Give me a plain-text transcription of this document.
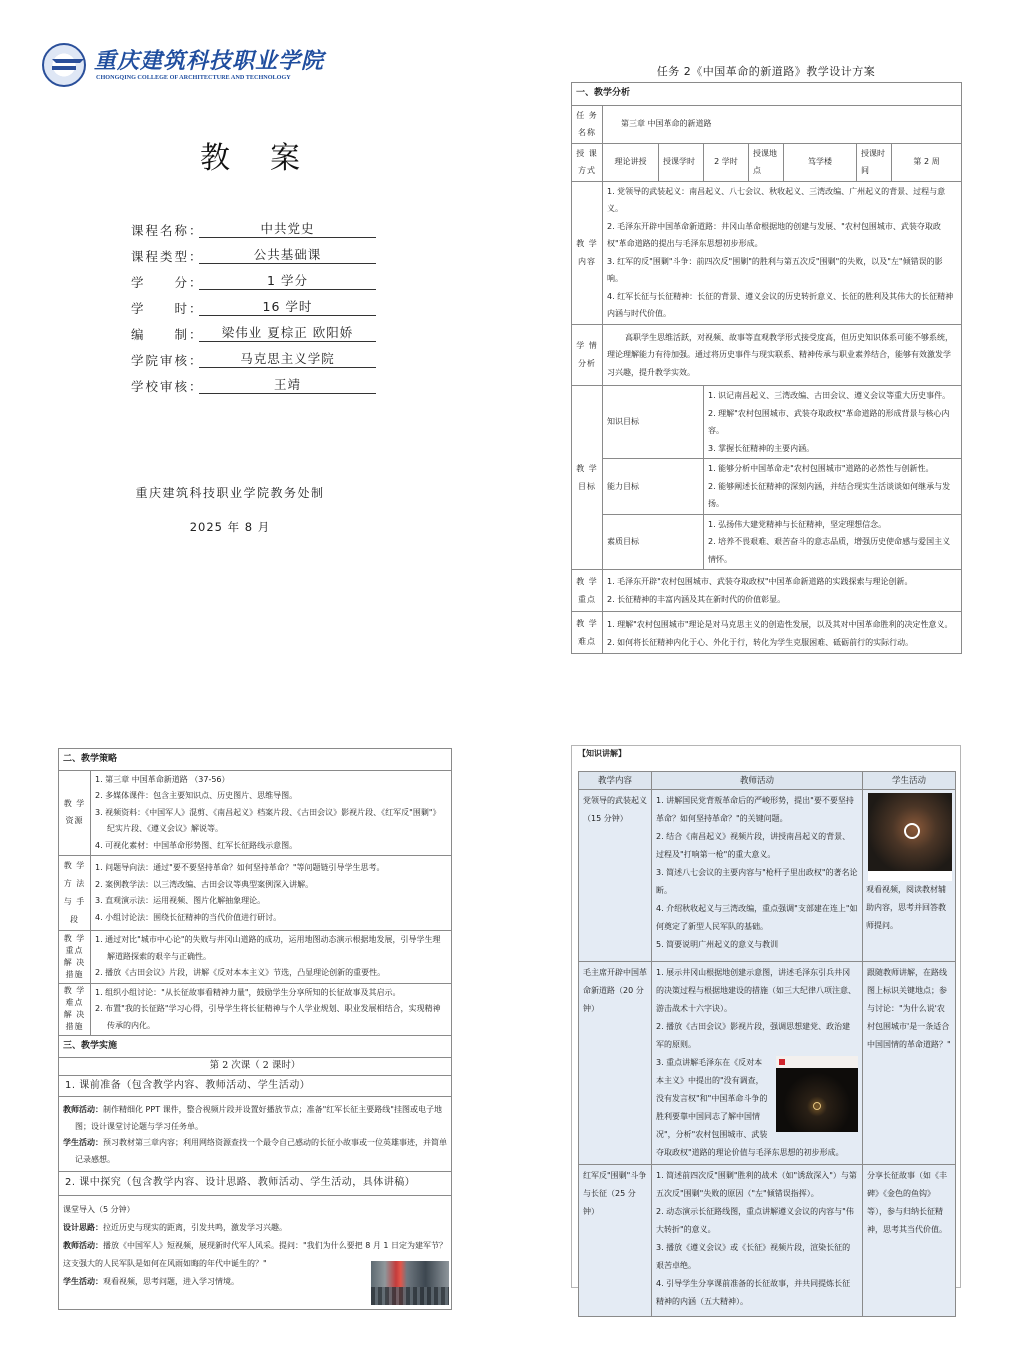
重庆建筑科技职业学院
CHONGQING COLLEGE OF ARCHITECTURE AND TECHNOLOGY
教案
课程名称：	中共党史
课程类型：	公共基础课
学　　分：	1 学分
学　　时：	16 学时
编　　制：	梁伟业 夏棕正 欧阳娇
学院审核：	马克思主义学院
学校审核：	王靖
重庆建筑科技职业学院教务处制
2025 年 8 月
任务 2《中国革命的新道路》教学设计方案
一、教学分析							
任 务 名称	第三章 中国革命的新道路						
授 课 方式	理论讲授	授课学时	2 学时	授课地点	笃学楼	授课时间	第 2 周
教 学 内容	1. 党领导的武装起义：南昌起义、八七会议、秋收起义、三湾改编、广州起义的背景、过程与意义。
2. 毛泽东开辟中国革命新道路：井冈山革命根据地的创建与发展、"农村包围城市、武装夺取政权"革命道路的提出与毛泽东思想初步形成。
3. 红军的反"围剿"斗争：前四次反"围剿"的胜利与第五次反"围剿"的失败，以及"左"倾错误的影响。
4. 红军长征与长征精神：长征的背景、遵义会议的历史转折意义、长征的胜利及其伟大的长征精神内涵与时代价值。						

学 情 分析	高职学生思维活跃，对视频、故事等直观教学形式接受度高，但历史知识体系可能不够系统，理论理解能力有待加强。通过将历史事件与现实联系、精神传承与职业素养结合，能够有效激发学习兴趣，提升教学实效。						
教 学 目标	知识目标		1. 识记南昌起义、三湾改编、古田会议、遵义会议等重大历史事件。
2. 理解"农村包围城市、武装夺取政权"革命道路的形成背景与核心内容。
3. 掌握长征精神的主要内涵。				

	能力目标		1. 能够分析中国革命走"农村包围城市"道路的必然性与创新性。
2. 能够阐述长征精神的深刻内涵，并结合现实生活谈谈如何继承与发扬。				

	素质目标		1. 弘扬伟大建党精神与长征精神，坚定理想信念。
2. 培养不畏艰难、艰苦奋斗的意志品质，增强历史使命感与爱国主义情怀。				

教 学 重点	1. 毛泽东开辟"农村包围城市、武装夺取政权"中国革命新道路的实践探索与理论创新。
2. 长征精神的丰富内涵及其在新时代的价值彰显。						

教 学 难点	1. 理解"农村包围城市"理论是对马克思主义的创造性发展，以及其对中国革命胜利的决定性意义。
2. 如何将长征精神内化于心、外化于行，转化为学生克服困难、砥砺前行的实际行动。						
二、教学策略	
教 学 资源	1. 第三章 中国革命新道路 （37-56）
2. 多媒体课件：包含主要知识点、历史图片、思维导图。
3. 视频资料：《中国军人》混剪、《南昌起义》档案片段、《古田会议》影视片段、《红军反"围剿"》纪实片段、《遵义会议》解说等。
4. 可视化素材：中国革命形势图、红军长征路线示意图。

教 学 方 法 与 手 段	1. 问题导向法：通过"要不要坚持革命？如何坚持革命？"等问题链引导学生思考。
2. 案例教学法：以三湾改编、古田会议等典型案例深入讲解。
3. 直观演示法：运用视频、图片化解抽象理论。
4. 小组讨论法：围绕长征精神的当代价值进行研讨。

教 学 重点 解 决 措施	1. 通过对比"城市中心论"的失败与井冈山道路的成功，运用地图动态演示根据地发展，引导学生理解道路探索的艰辛与正确性。
2. 播放《古田会议》片段，讲解《反对本本主义》节选，凸显理论创新的重要性。

教 学 难点 解 决 措施	1. 组织小组讨论："从长征故事看精神力量"，鼓励学生分享所知的长征故事及其启示。
2. 布置"我的长征路"学习心得，引导学生将长征精神与个人学业规划、职业发展相结合，实现精神传承的内化。

三、教学实施	
第 2 次课（ 2 课时）	
1. 课前准备（包含教学内容、教师活动、学生活动）	

教师活动：制作精细化 PPT 课件，整合视频片段并设置好播放节点；准备"红军长征主要路线"挂图或电子地图；设计课堂讨论题与学习任务单。
学生活动：预习教材第三章内容；利用网络资源查找一个最令自己感动的长征小故事或一位英雄事迹，并简单记录感想。	

2. 课中探究（包含教学内容、设计思路、教师活动、学生活动，具体讲稿）	

课堂导入（5 分钟）
设计思路：拉近历史与现实的距离，引发共鸣，激发学习兴趣。
教师活动：播放《中国军人》短视频，展现新时代军人风采。提问："我们为什么要把 8 月 1 日定为建军节？这支强大的人民军队是如何在风雨如晦的年代中诞生的？"
学生活动：观看视频，思考问题，进入学习情境。	
【知识讲解】
教学内容	教师活动	学生活动
党领导的武装起义（15 分钟）	1. 讲解国民党背叛革命后的严峻形势，提出"要不要坚持革命？如何坚持革命？"的关键问题。
2. 结合《南昌起义》视频片段，讲授南昌起义的背景、过程及"打响第一枪"的重大意义。
3. 简述八七会议的主要内容与"枪杆子里出政权"的著名论断。
4. 介绍秋收起义与三湾改编，重点强调"支部建在连上"如何奠定了新型人民军队的基础。
5. 简要说明广州起义的意义与教训	观看视频，阅读教材辅助内容，思考并回答教师提问。

毛主席开辟中国革命新道路（20 分钟）	1. 展示井冈山根据地创建示意图，讲述毛泽东引兵井冈的决策过程与根据地建设的措施（如三大纪律八项注意、游击战术十六字诀）。
2. 播放《古田会议》影视片段，强调思想建党、政治建军的原则。
3. 重点讲解毛泽东在《反对本本主义》中提出的"没有调查，没有发言权"和"中国革命斗争的胜利要靠中国同志了解中国情况"，分析"农村包围城市、武装夺取政权"道路的理论价值与毛泽东思想的初步形成。	跟随教师讲解，在路线图上标识关键地点；参与讨论："为什么说'农村包围城市'是一条适合中国国情的革命道路？"
红军反"围剿"斗争与长征（25 分钟）	1. 简述前四次反"围剿"胜利的战术（如"诱敌深入"）与第五次反"围剿"失败的原因（"左"倾错误指挥）。
2. 动态演示长征路线图，重点讲解遵义会议的内容与"伟大转折"的意义。
3. 播放《遵义会议》或《长征》视频片段，渲染长征的艰苦卓绝。
4. 引导学生分享课前准备的长征故事，并共同提炼长征精神的内涵（五大精神）。	分享长征故事（如《丰碑》《金色的鱼钩》等），参与归纳长征精神，思考其当代价值。
